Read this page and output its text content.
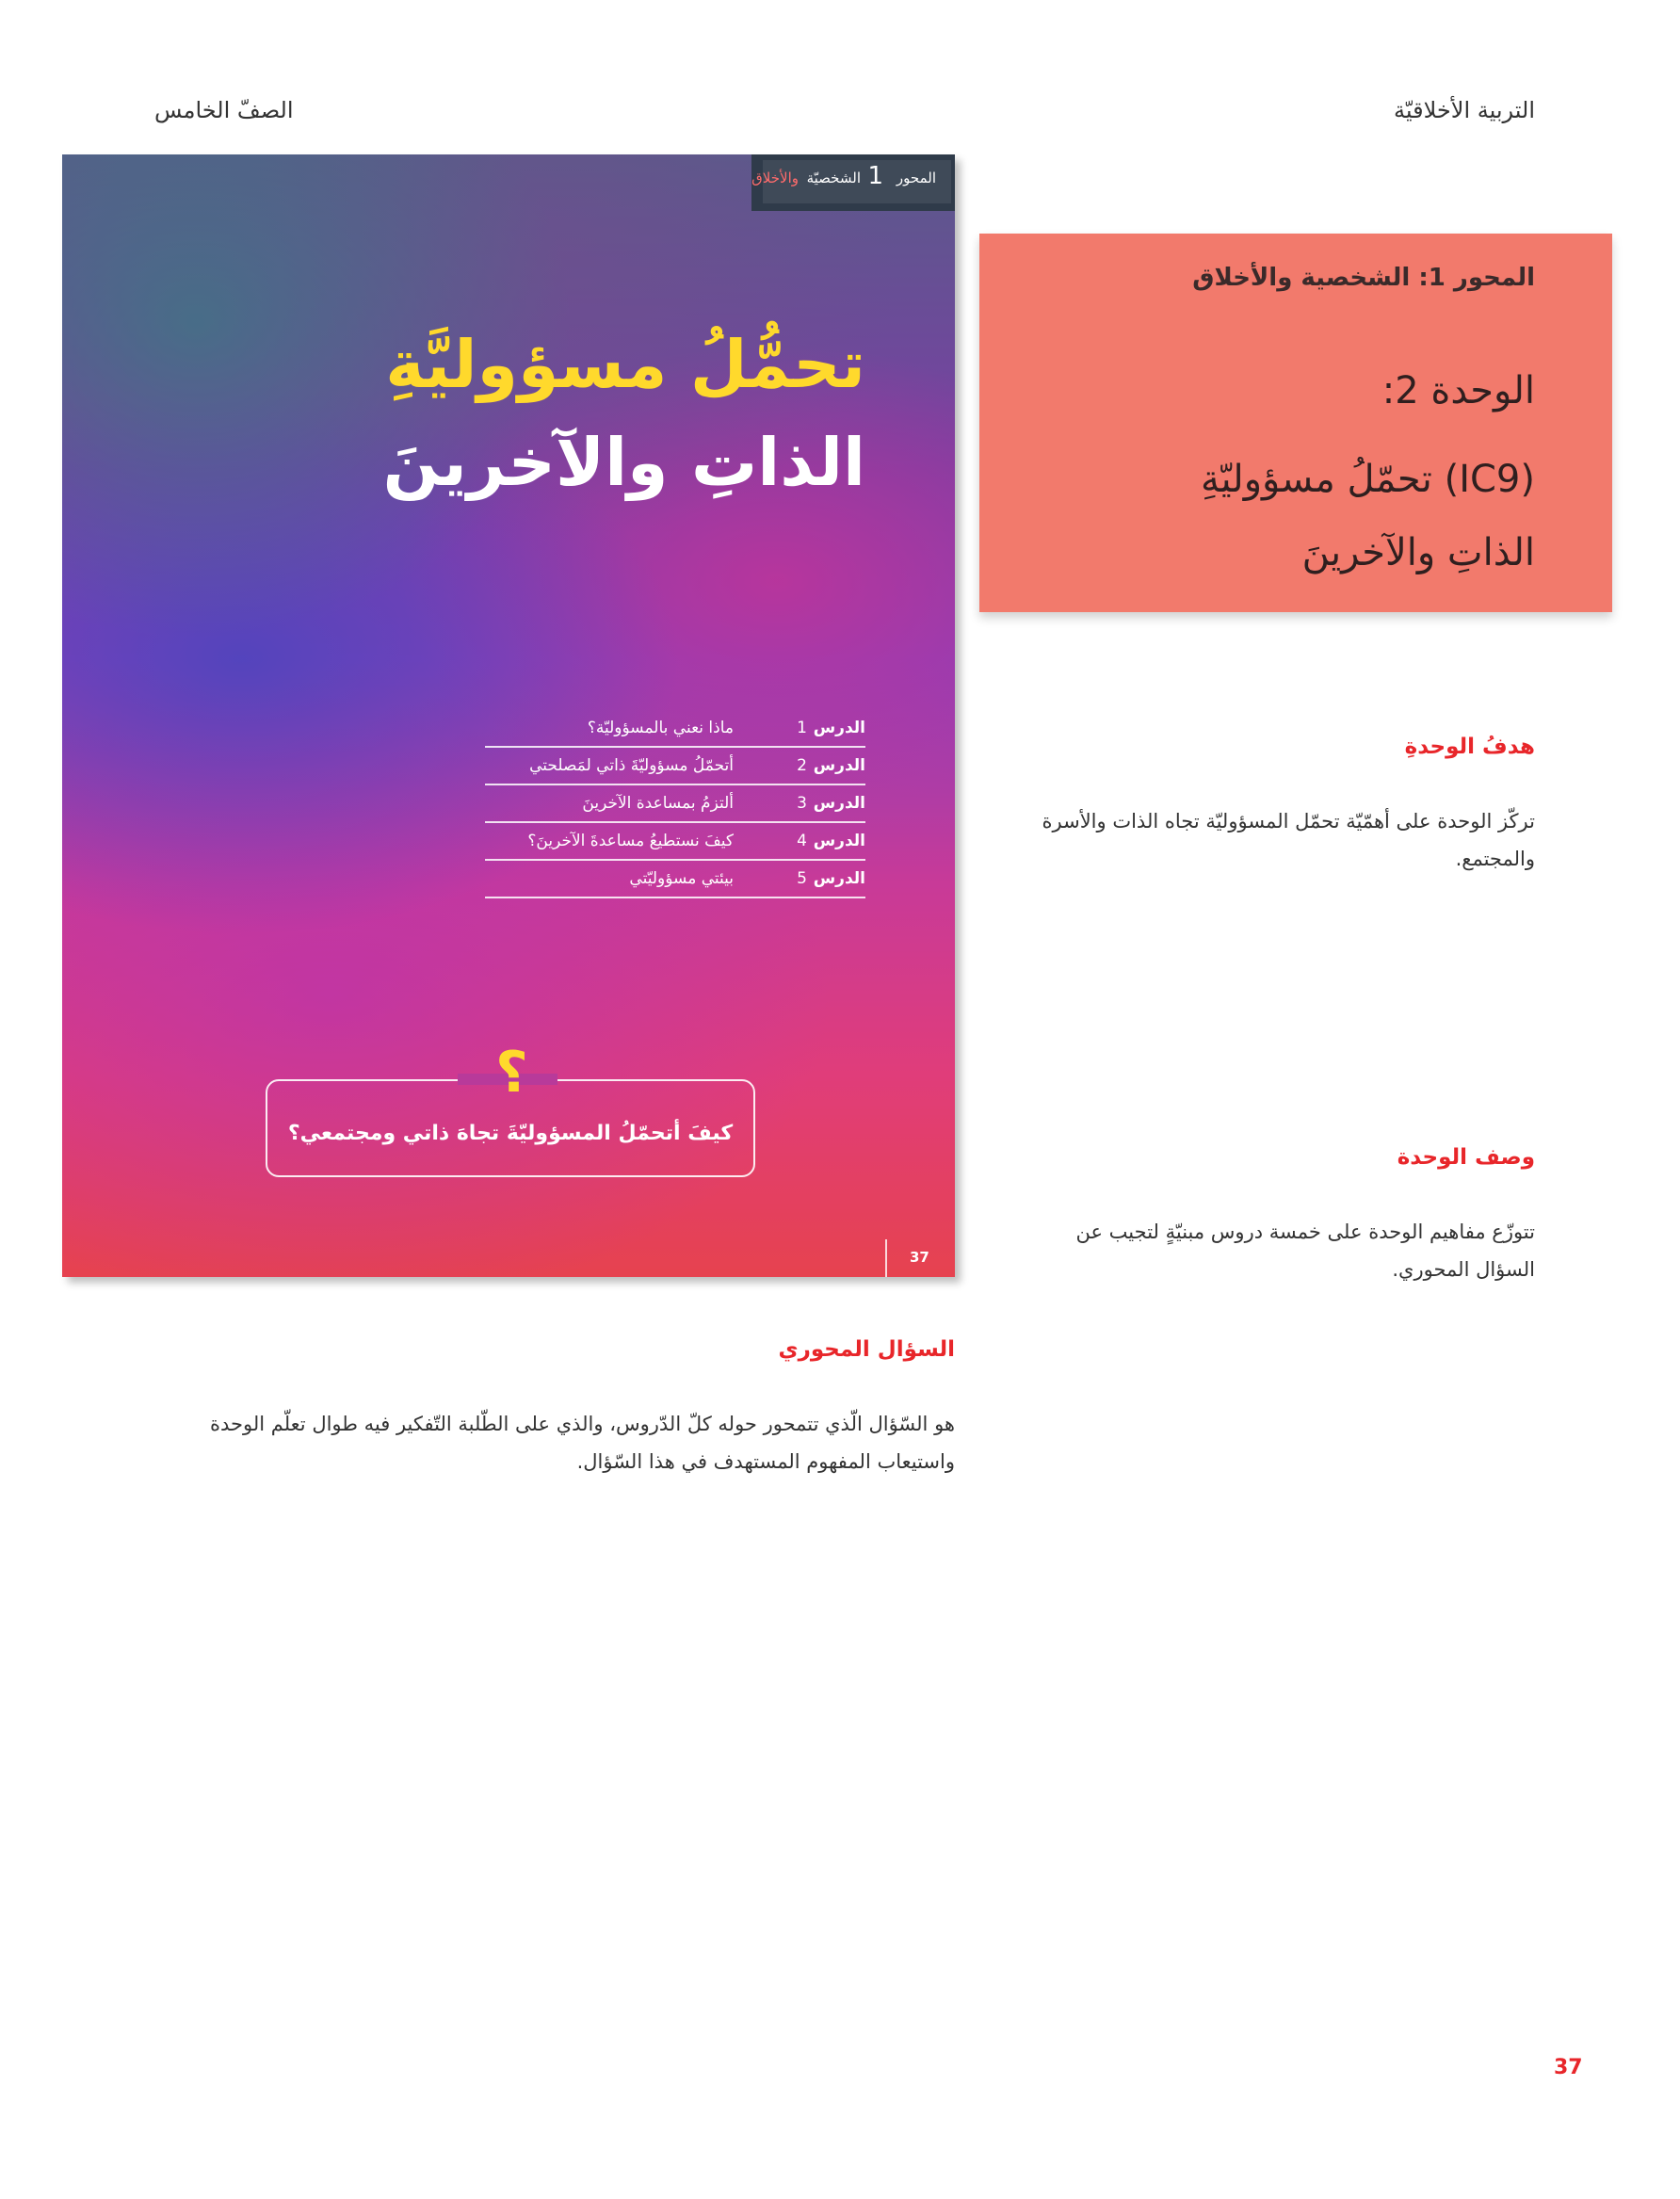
التربية الأخلاقيّة
الصفّ الخامس
المحور
1
الشخصيّة
والأخلاق
تحمُّلُ مسؤوليَّةِ
الذاتِ والآخرينَ
الدرس
1
ماذا نعني بالمسؤوليّة؟
الدرس
2
أتحمّلُ مسؤوليّةَ ذاتي لمَصلحتي
الدرس
3
ألتزمُ بمساعدة الآخرينَ
الدرس
4
كيفَ نستطيعُ مساعدةَ الآخرينَ؟
الدرس
5
بيئتي مسؤوليّتي
؟
كيفَ أتحمّلُ المسؤوليّةَ تجاهَ ذاتي ومجتمعي؟
37
المحور 1: الشخصية والأخلاق
الوحدة 2:
(IC9) تحمّلُ مسؤوليّةِ
الذاتِ والآخرينَ
هدفُ الوحدةِ
تركّز الوحدة على أهمّيّة تحمّل المسؤوليّة تجاه الذات والأسرة والمجتمع.
وصف الوحدة
تتوزّع مفاهيم الوحدة على خمسة دروس مبنيّةٍ لتجيب عن السؤال المحوري.
السؤال المحوري
هو السّؤال الّذي تتمحور حوله كلّ الدّروس، والذي على الطّلبة التّفكير فيه طوال تعلّم الوحدة واستيعاب المفهوم المستهدف في هذا السّؤال.
37
